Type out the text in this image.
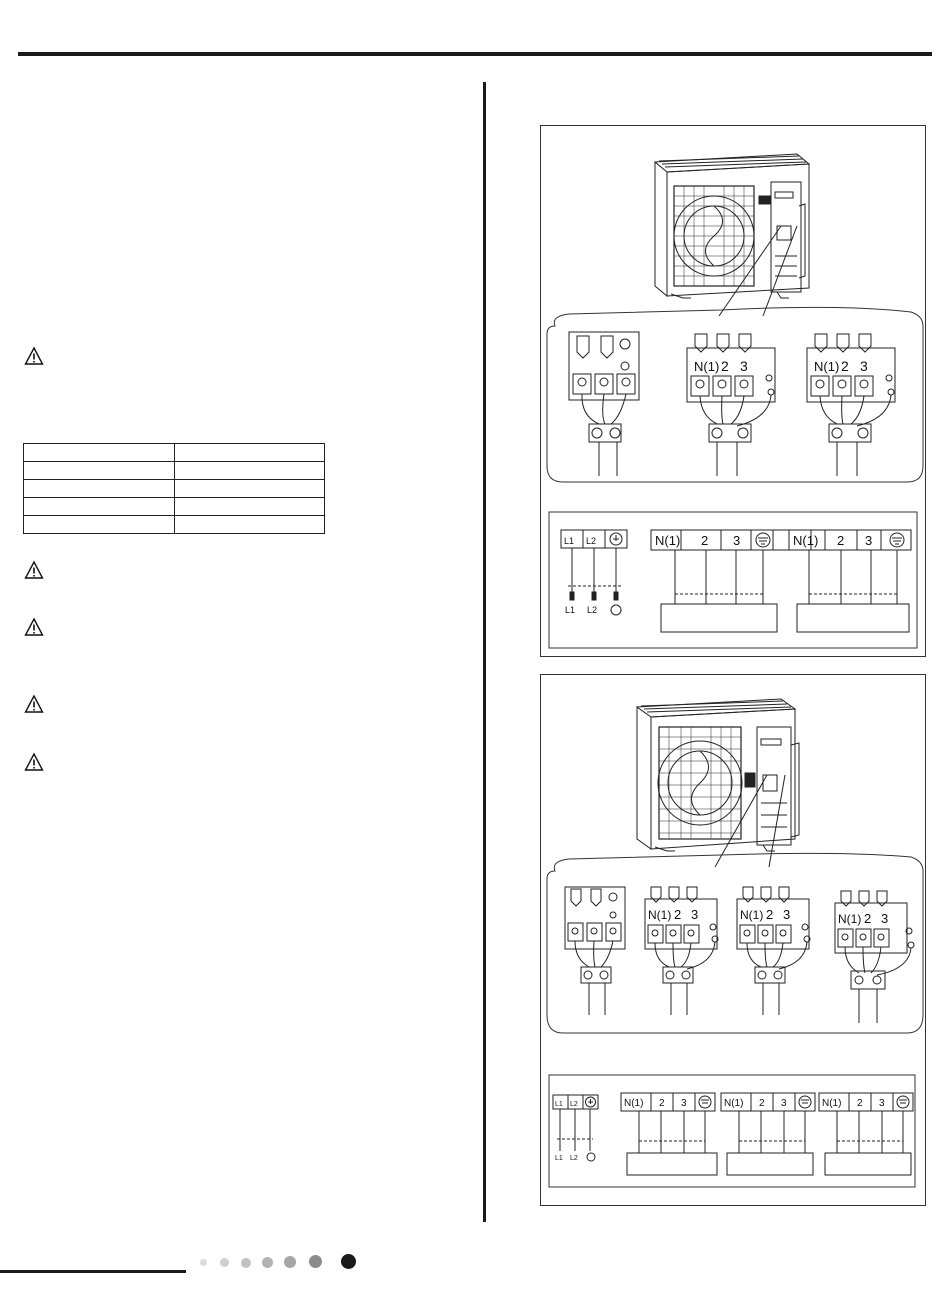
N(1) 2 3	N(1) 2 3
L1 L2
L1 L2
N(1) 2 3	N(1) 2 3
N(1) 2 3	N(1) 2 3	N(1) 2 3
L1 L2
L1 L2
N(1) 2 3	N(1) 2 3	N(1) 2 3
